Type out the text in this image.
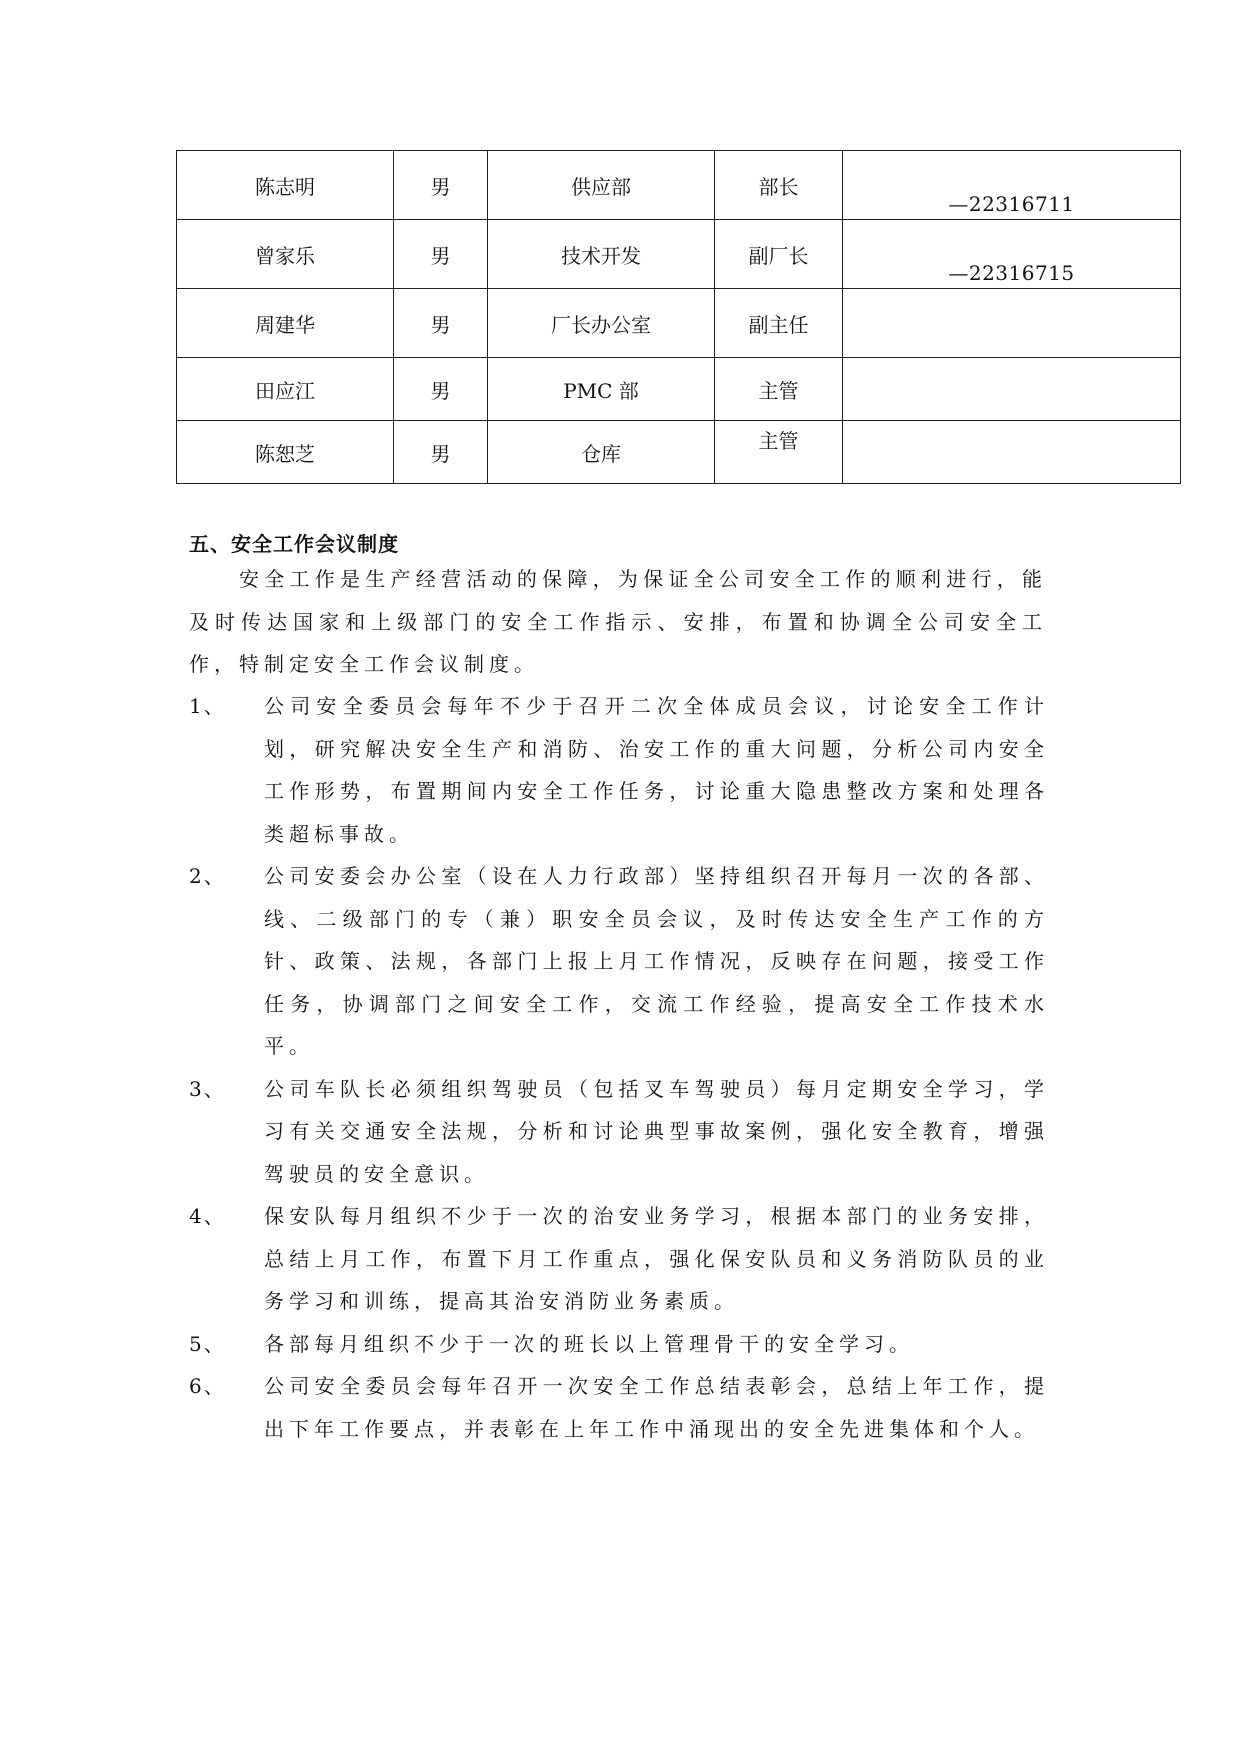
陈志明	男	供应部	部长	—22316711
曾家乐	男	技术开发	副厂长	—22316715
周建华	男	厂长办公室	副主任	
田应江	男	PMC 部	主管	
陈恕芝	男	仓库	主管	
五、安全工作会议制度

安全工作是生产经营活动的保障，为保证全公司安全工作的顺利进行，能及时传达国家和上级部门的安全工作指示、安排，布置和协调全公司安全工作，特制定安全工作会议制度。

1、 公司安全委员会每年不少于召开二次全体成员会议，讨论安全工作计划，研究解决安全生产和消防、治安工作的重大问题，分析公司内安全工作形势，布置期间内安全工作任务，讨论重大隐患整改方案和处理各类超标事故。
2、 公司安委会办公室（设在人力行政部）坚持组织召开每月一次的各部、线、二级部门的专（兼）职安全员会议，及时传达安全生产工作的方针、政策、法规，各部门上报上月工作情况，反映存在问题，接受工作任务，协调部门之间安全工作，交流工作经验，提高安全工作技术水平。
3、 公司车队长必须组织驾驶员（包括叉车驾驶员）每月定期安全学习，学习有关交通安全法规，分析和讨论典型事故案例，强化安全教育，增强驾驶员的安全意识。
4、 保安队每月组织不少于一次的治安业务学习，根据本部门的业务安排，总结上月工作，布置下月工作重点，强化保安队员和义务消防队员的业务学习和训练，提高其治安消防业务素质。
5、 各部每月组织不少于一次的班长以上管理骨干的安全学习。
6、 公司安全委员会每年召开一次安全工作总结表彰会，总结上年工作，提出下年工作要点，并表彰在上年工作中涌现出的安全先进集体和个人。
